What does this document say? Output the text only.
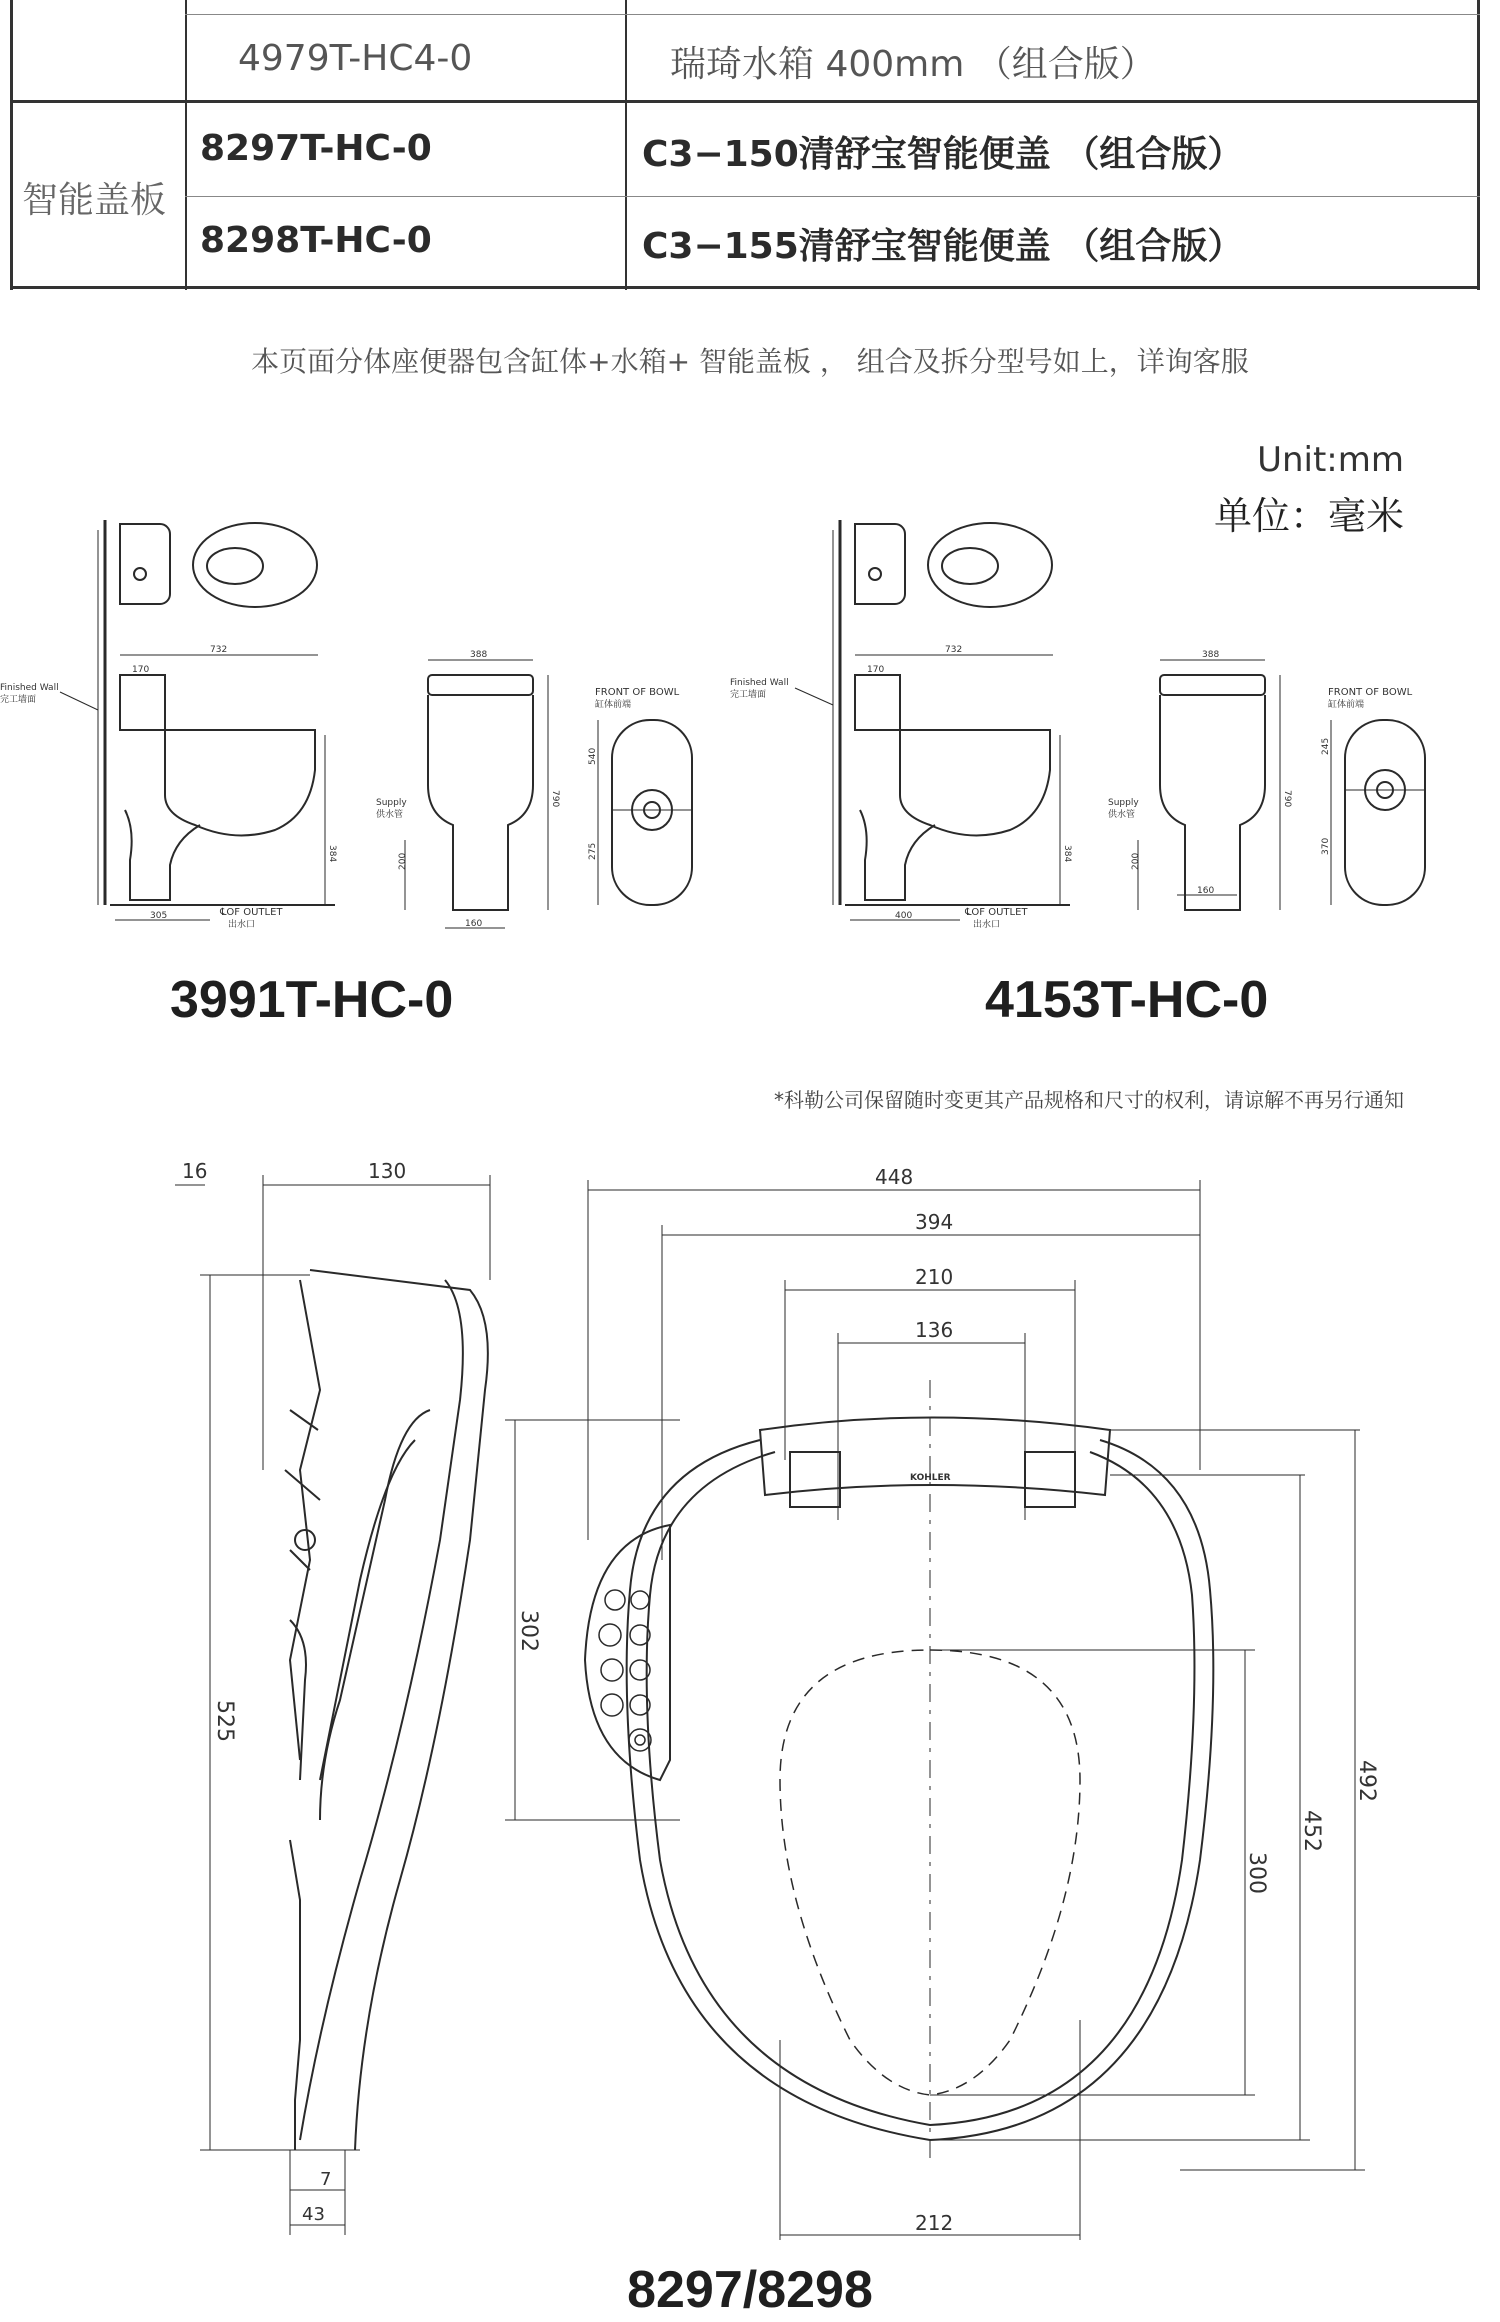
4979T-HC4-0	瑞琦水箱 400mm （组合版）
智能盖板
8297T-HC-0	C3−150清舒宝智能便盖 （组合版）
8298T-HC-0	C3−155清舒宝智能便盖 （组合版）
本页面分体座便器包含缸体+水箱+ 智能盖板 ， 组合及拆分型号如上，详询客服
Unit:mm
单位：毫米
732
170
384
305	℄OF OUTLET
出水口
Finished Wall
完工墙面
388
790
160
200
Supply
供水管
540
275
FRONT OF BOWL
缸体前端
732
170
384
400	℄OF OUTLET
出水口
Finished Wall
完工墙面
388
790
160
200
Supply
供水管
245
370
FRONT OF BOWL
缸体前端
3991T-HC-0	4153T-HC-0
*科勒公司保留随时变更其产品规格和尺寸的权利，请谅解不再另行通知
16	130
525
7
43
448
394
210
136
KOHLER
302
300
452
492
212
8297/8298
